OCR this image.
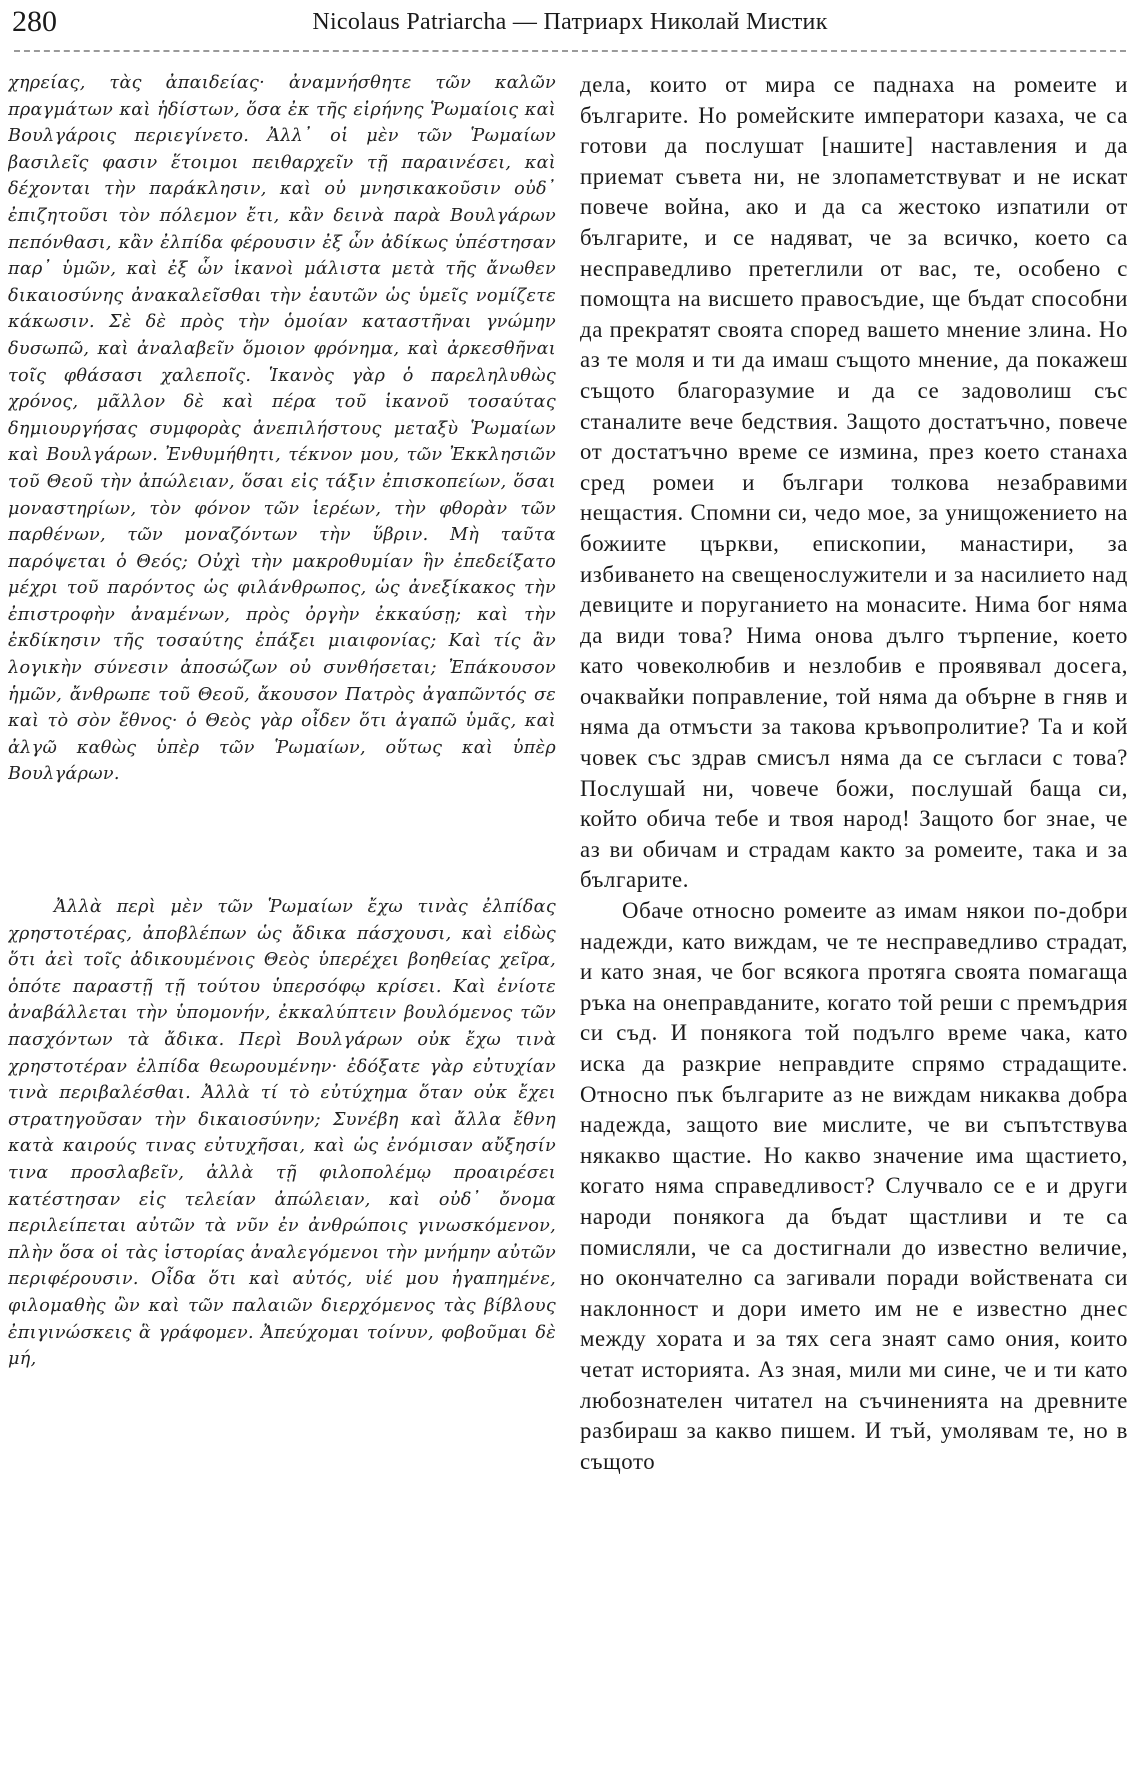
280	Nicolaus Patriarcha — Патриарх Николай Мистик

χηρείας, τὰς ἀπαιδείας· ἀναμνήσθητε τῶν καλῶν πραγμάτων καὶ ἡδίστων, ὅσα ἐκ τῆς εἰρήνης Ῥωμαίοις καὶ Βουλγάροις περιεγίνετο. Ἀλλ᾽ οἱ μὲν τῶν Ῥωμαίων βασιλεῖς φασιν ἕτοιμοι πειθαρχεῖν τῇ παραινέσει, καὶ δέχονται τὴν παράκλησιν, καὶ οὐ μνησικακοῦσιν οὐδ᾽ ἐπιζητοῦσι τὸν πόλεμον ἔτι, κἂν δεινὰ παρὰ Βουλγάρων πεπόνθασι, κἂν ἐλπίδα φέρουσιν ἐξ ὧν ἀδίκως ὑπέστησαν παρ᾽ ὑμῶν, καὶ ἐξ ὧν ἱκανοὶ μάλιστα μετὰ τῆς ἄνωθεν δικαιοσύνης ἀνακαλεῖσθαι τὴν ἑαυτῶν ὡς ὑμεῖς νομίζετε κάκωσιν. Σὲ δὲ πρὸς τὴν ὁμοίαν καταστῆναι γνώμην δυσωπῶ, καὶ ἀναλαβεῖν ὅμοιον φρόνημα, καὶ ἀρκεσθῆναι τοῖς φθάσασι χαλεποῖς. Ἱκανὸς γὰρ ὁ παρεληλυθὼς χρόνος, μᾶλλον δὲ καὶ πέρα τοῦ ἱκανοῦ τοσαύτας δημιουργήσας συμφορὰς ἀνεπιλήστους μεταξὺ Ῥωμαίων καὶ Βουλγάρων. Ἐνθυμήθητι, τέκνον μου, τῶν Ἐκκλησιῶν τοῦ Θεοῦ τὴν ἀπώλειαν, ὅσαι εἰς τάξιν ἐπισκοπείων, ὅσαι μοναστηρίων, τὸν φόνον τῶν ἱερέων, τὴν φθορὰν τῶν παρθένων, τῶν μοναζόντων τὴν ὕβριν. Μὴ ταῦτα παρόψεται ὁ Θεός; Οὐχὶ τὴν μακροθυμίαν ἣν ἐπεδείξατο μέχρι τοῦ παρόντος ὡς φιλάνθρωπος, ὡς ἀνεξίκακος τὴν ἐπιστροφὴν ἀναμένων, πρὸς ὀργὴν ἐκκαύσῃ; καὶ τὴν ἐκδίκησιν τῆς τοσαύτης ἐπάξει μιαιφονίας; Καὶ τίς ἂν λογικὴν σύνεσιν ἀποσώζων οὐ συνθήσεται; Ἐπάκουσον ἡμῶν, ἄνθρωπε τοῦ Θεοῦ, ἄκουσον Πατρὸς ἀγαπῶντός σε καὶ τὸ σὸν ἔθνος· ὁ Θεὸς γὰρ οἶδεν ὅτι ἀγαπῶ ὑμᾶς, καὶ ἀλγῶ καθὼς ὑπὲρ τῶν Ῥωμαίων, οὕτως καὶ ὑπὲρ Βουλγάρων.

Ἀλλὰ περὶ μὲν τῶν Ῥωμαίων ἔχω τινὰς ἐλπίδας χρηστοτέρας, ἀποβλέπων ὡς ἄδικα πάσχουσι, καὶ εἰδὼς ὅτι ἀεὶ τοῖς ἀδικουμένοις Θεὸς ὑπερέχει βοηθείας χεῖρα, ὁπότε παραστῇ τῇ τούτου ὑπερσόφῳ κρίσει. Καὶ ἐνίοτε ἀναβάλλεται τὴν ὑπομονήν, ἐκκαλύπτειν βουλόμενος τῶν πασχόντων τὰ ἄδικα. Περὶ Βουλγάρων οὐκ ἔχω τινὰ χρηστοτέραν ἐλπίδα θεωρουμένην· ἐδόξατε γὰρ εὐτυχίαν τινὰ περιβαλέσθαι. Ἀλλὰ τί τὸ εὐτύχημα ὅταν οὐκ ἔχει στρατηγοῦσαν τὴν δικαιοσύνην; Συνέβη καὶ ἄλλα ἔθνη κατὰ καιρούς τινας εὐτυχῆσαι, καὶ ὡς ἐνόμισαν αὔξησίν τινα προσλαβεῖν, ἀλλὰ τῇ φιλοπολέμῳ προαιρέσει κατέστησαν εἰς τελείαν ἀπώλειαν, καὶ οὐδ᾽ ὄνομα περιλείπεται αὐτῶν τὰ νῦν ἐν ἀνθρώποις γινωσκόμενον, πλὴν ὅσα οἱ τὰς ἱστορίας ἀναλεγόμενοι τὴν μνήμην αὐτῶν περιφέρουσιν. Οἶδα ὅτι καὶ αὐτός, υἱέ μου ἠγαπημένε, φιλομαθὴς ὢν καὶ τῶν παλαιῶν διερχόμενος τὰς βίβλους ἐπιγινώσκεις ἃ γράφομεν. Ἀπεύχομαι τοίνυν, φοβοῦμαι δὲ μή,

дела, които от мира се паднаха на ромеите и българите. Но ромейските императори казаха, че са готови да послушат [нашите] наставления и да приемат съвета ни, не злопаметствуват и не искат повече война, ако и да са жестоко изпатили от българите, и се надяват, че за всичко, което са несправедливо претеглили от вас, те, особено с помощта на висшето правосъдие, ще бъдат способни да прекратят своята според вашето мнение злина. Но аз те моля и ти да имаш същото мнение, да покажеш същото благоразумие и да се задоволиш със станалите вече бедствия. Защото достатъчно, повече от достатъчно време се измина, през което станаха сред ромеи и българи толкова незабравими нещастия. Спомни си, чедо мое, за унищожението на божиите църкви, епископии, манастири, за избиването на свещенослужители и за насилието над девиците и поруганието на монасите. Нима бог няма да види това? Нима онова дълго търпение, което като човеколюбив и незлобив е проявявал досега, очаквайки поправление, той няма да обърне в гняв и няма да отмъсти за такова кръвопролитие? Та и кой човек със здрав смисъл няма да се съгласи с това? Послушай ни, човече божи, послушай баща си, който обича тебе и твоя народ! Защото бог знае, че аз ви обичам и страдам както за ромеите, така и за българите.

Обаче относно ромеите аз имам някои по-добри надежди, като виждам, че те несправедливо страдат, и като зная, че бог всякога протяга своята помагаща ръка на онеправданите, когато той реши с премъдрия си съд. И понякога той подълго време чака, като иска да разкрие неправдите спрямо страдащите. Относно пък българите аз не виждам никаква добра надежда, защото вие мислите, че ви съпътствува някакво щастие. Но какво значение има щастието, когато няма справедливост? Случвало се е и други народи понякога да бъдат щастливи и те са помисляли, че са достигнали до известно величие, но окончателно са загивали поради войствената си наклонност и дори името им не е известно днес между хората и за тях сега знаят само ония, които четат историята. Аз зная, мили ми сине, че и ти като любознателен читател на съчиненията на древните разбираш за какво пишем. И тъй, умолявам те, но в същото
